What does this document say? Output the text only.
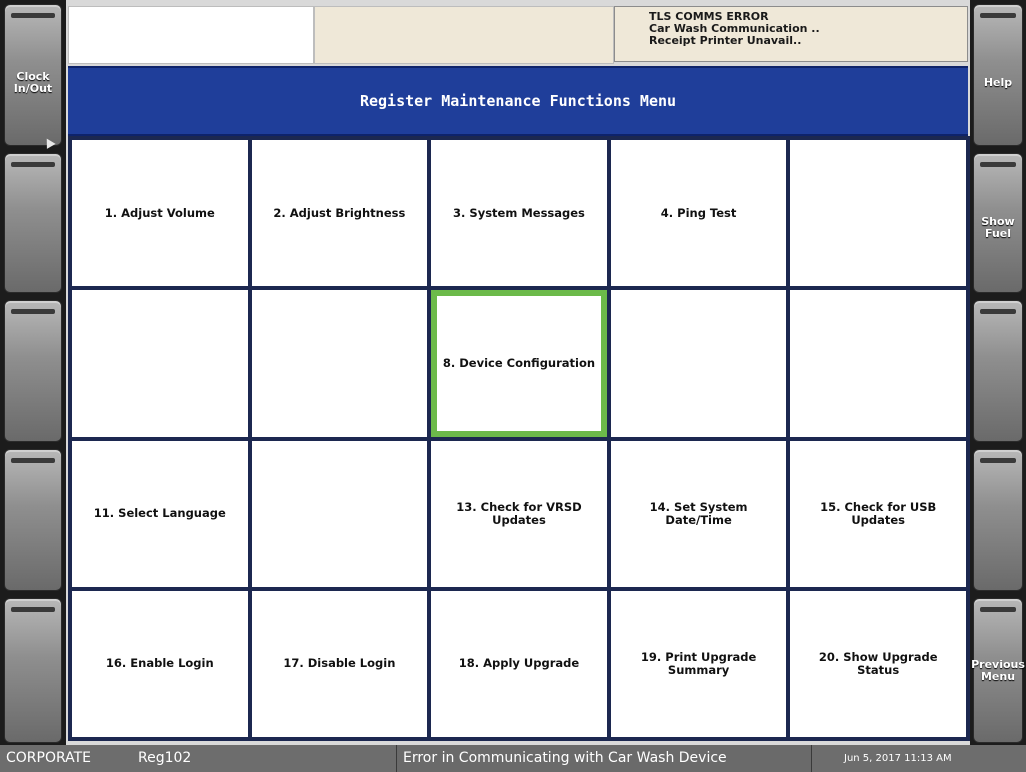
Clock
In/Out	Help
Show
Fuel
Previous
Menu
TLS COMMS ERROR
Car Wash Communication ..
Receipt Printer Unavail..
Register Maintenance Functions Menu
1. Adjust Volume	2. Adjust Brightness	3. System Messages	4. Ping Test
8. Device Configuration
11. Select Language	13. Check for VRSD Updates
14. Set System Date/Time
15. Check for USB Updates
16. Enable Login	17. Disable Login	18. Apply Upgrade	19. Print Upgrade Summary
20. Show Upgrade Status
CORPORATE	Reg102	Error in Communicating with Car Wash Device	Jun 5, 2017 11:13 AM
